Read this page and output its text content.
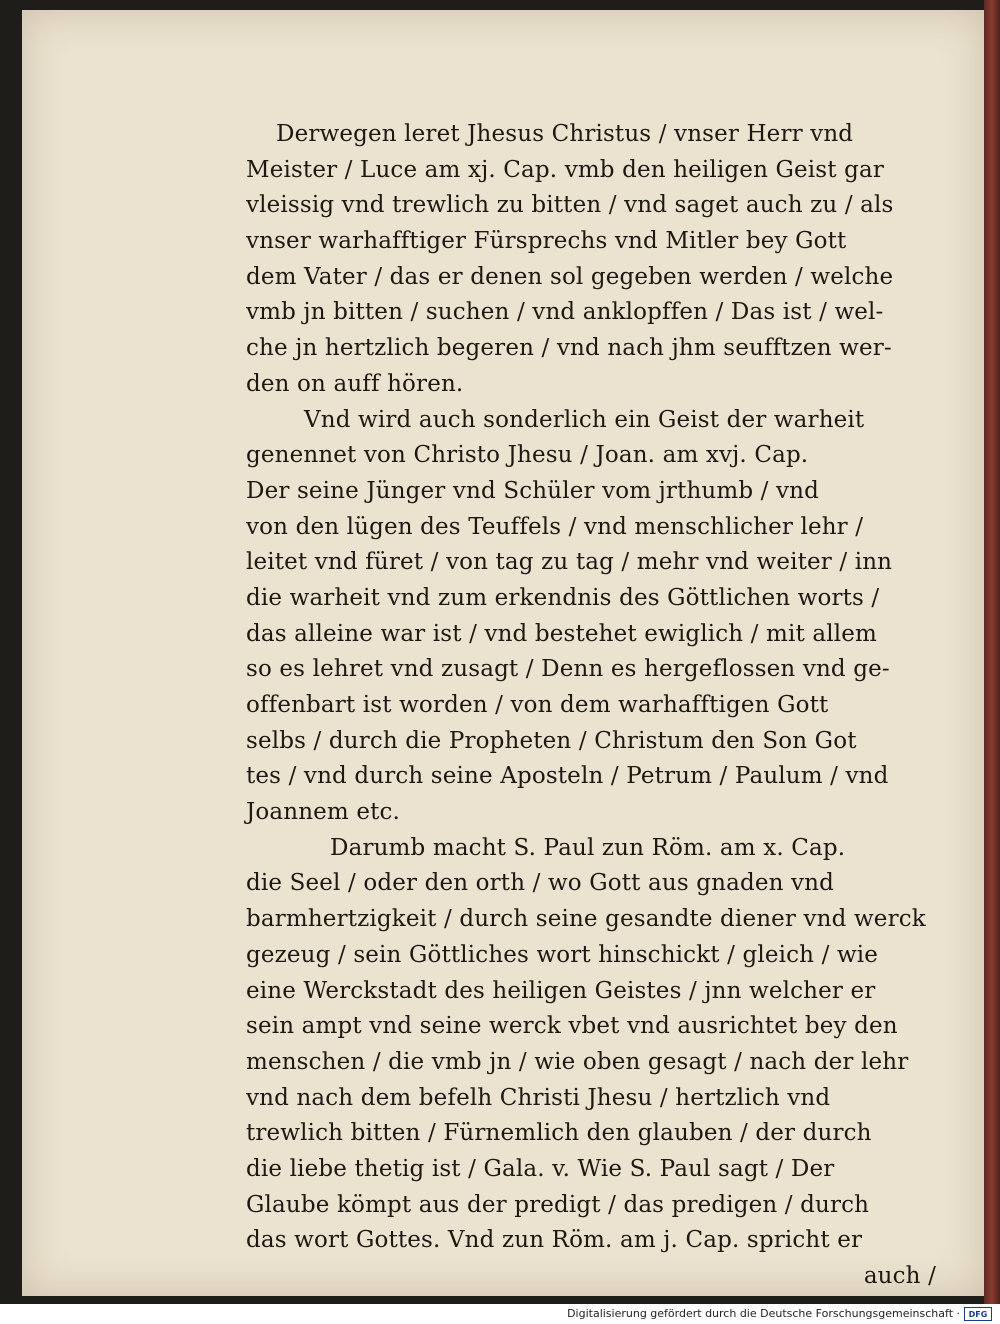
Derwegen leret Jhesus Christus / vnser Herr vnd
Meister / Luce am xj. Cap. vmb den heiligen Geist gar
vleissig vnd trewlich zu bitten / vnd saget auch zu / als
vnser warhafftiger Fürsprechs vnd Mitler bey Gott
dem Vater / das er denen sol gegeben werden / welche
vmb jn bitten / suchen / vnd anklopffen / Das ist / wel-
che jn hertzlich begeren / vnd nach jhm seufftzen wer-
den on auff hören.
Vnd wird auch sonderlich ein Geist der warheit
genennet von Christo Jhesu / Joan. am xvj. Cap.
Der seine Jünger vnd Schüler vom jrthumb / vnd
von den lügen des Teuffels / vnd menschlicher lehr /
leitet vnd füret / von tag zu tag / mehr vnd weiter / inn
die warheit vnd zum erkendnis des Göttlichen worts /
das alleine war ist / vnd bestehet ewiglich / mit allem
so es lehret vnd zusagt / Denn es hergeflossen vnd ge-
offenbart ist worden / von dem warhafftigen Gott
selbs / durch die Propheten / Christum den Son Got
tes / vnd durch seine Aposteln / Petrum / Paulum / vnd
Joannem etc.
Darumb macht S. Paul zun Röm. am x. Cap.
die Seel / oder den orth / wo Gott aus gnaden vnd
barmhertzigkeit / durch seine gesandte diener vnd werck
gezeug / sein Göttliches wort hinschickt / gleich / wie
eine Werckstadt des heiligen Geistes / jnn welcher er
sein ampt vnd seine werck vbet vnd ausrichtet bey den
menschen / die vmb jn / wie oben gesagt / nach der lehr
vnd nach dem befelh Christi Jhesu / hertzlich vnd
trewlich bitten / Fürnemlich den glauben / der durch
die liebe thetig ist / Gala. v. Wie S. Paul sagt / Der
Glaube kömpt aus der predigt / das predigen / durch
das wort Gottes. Vnd zun Röm. am j. Cap. spricht er
auch /
Digitalisierung gefördert durch die Deutsche Forschungsgemeinschaft ·	DFG
